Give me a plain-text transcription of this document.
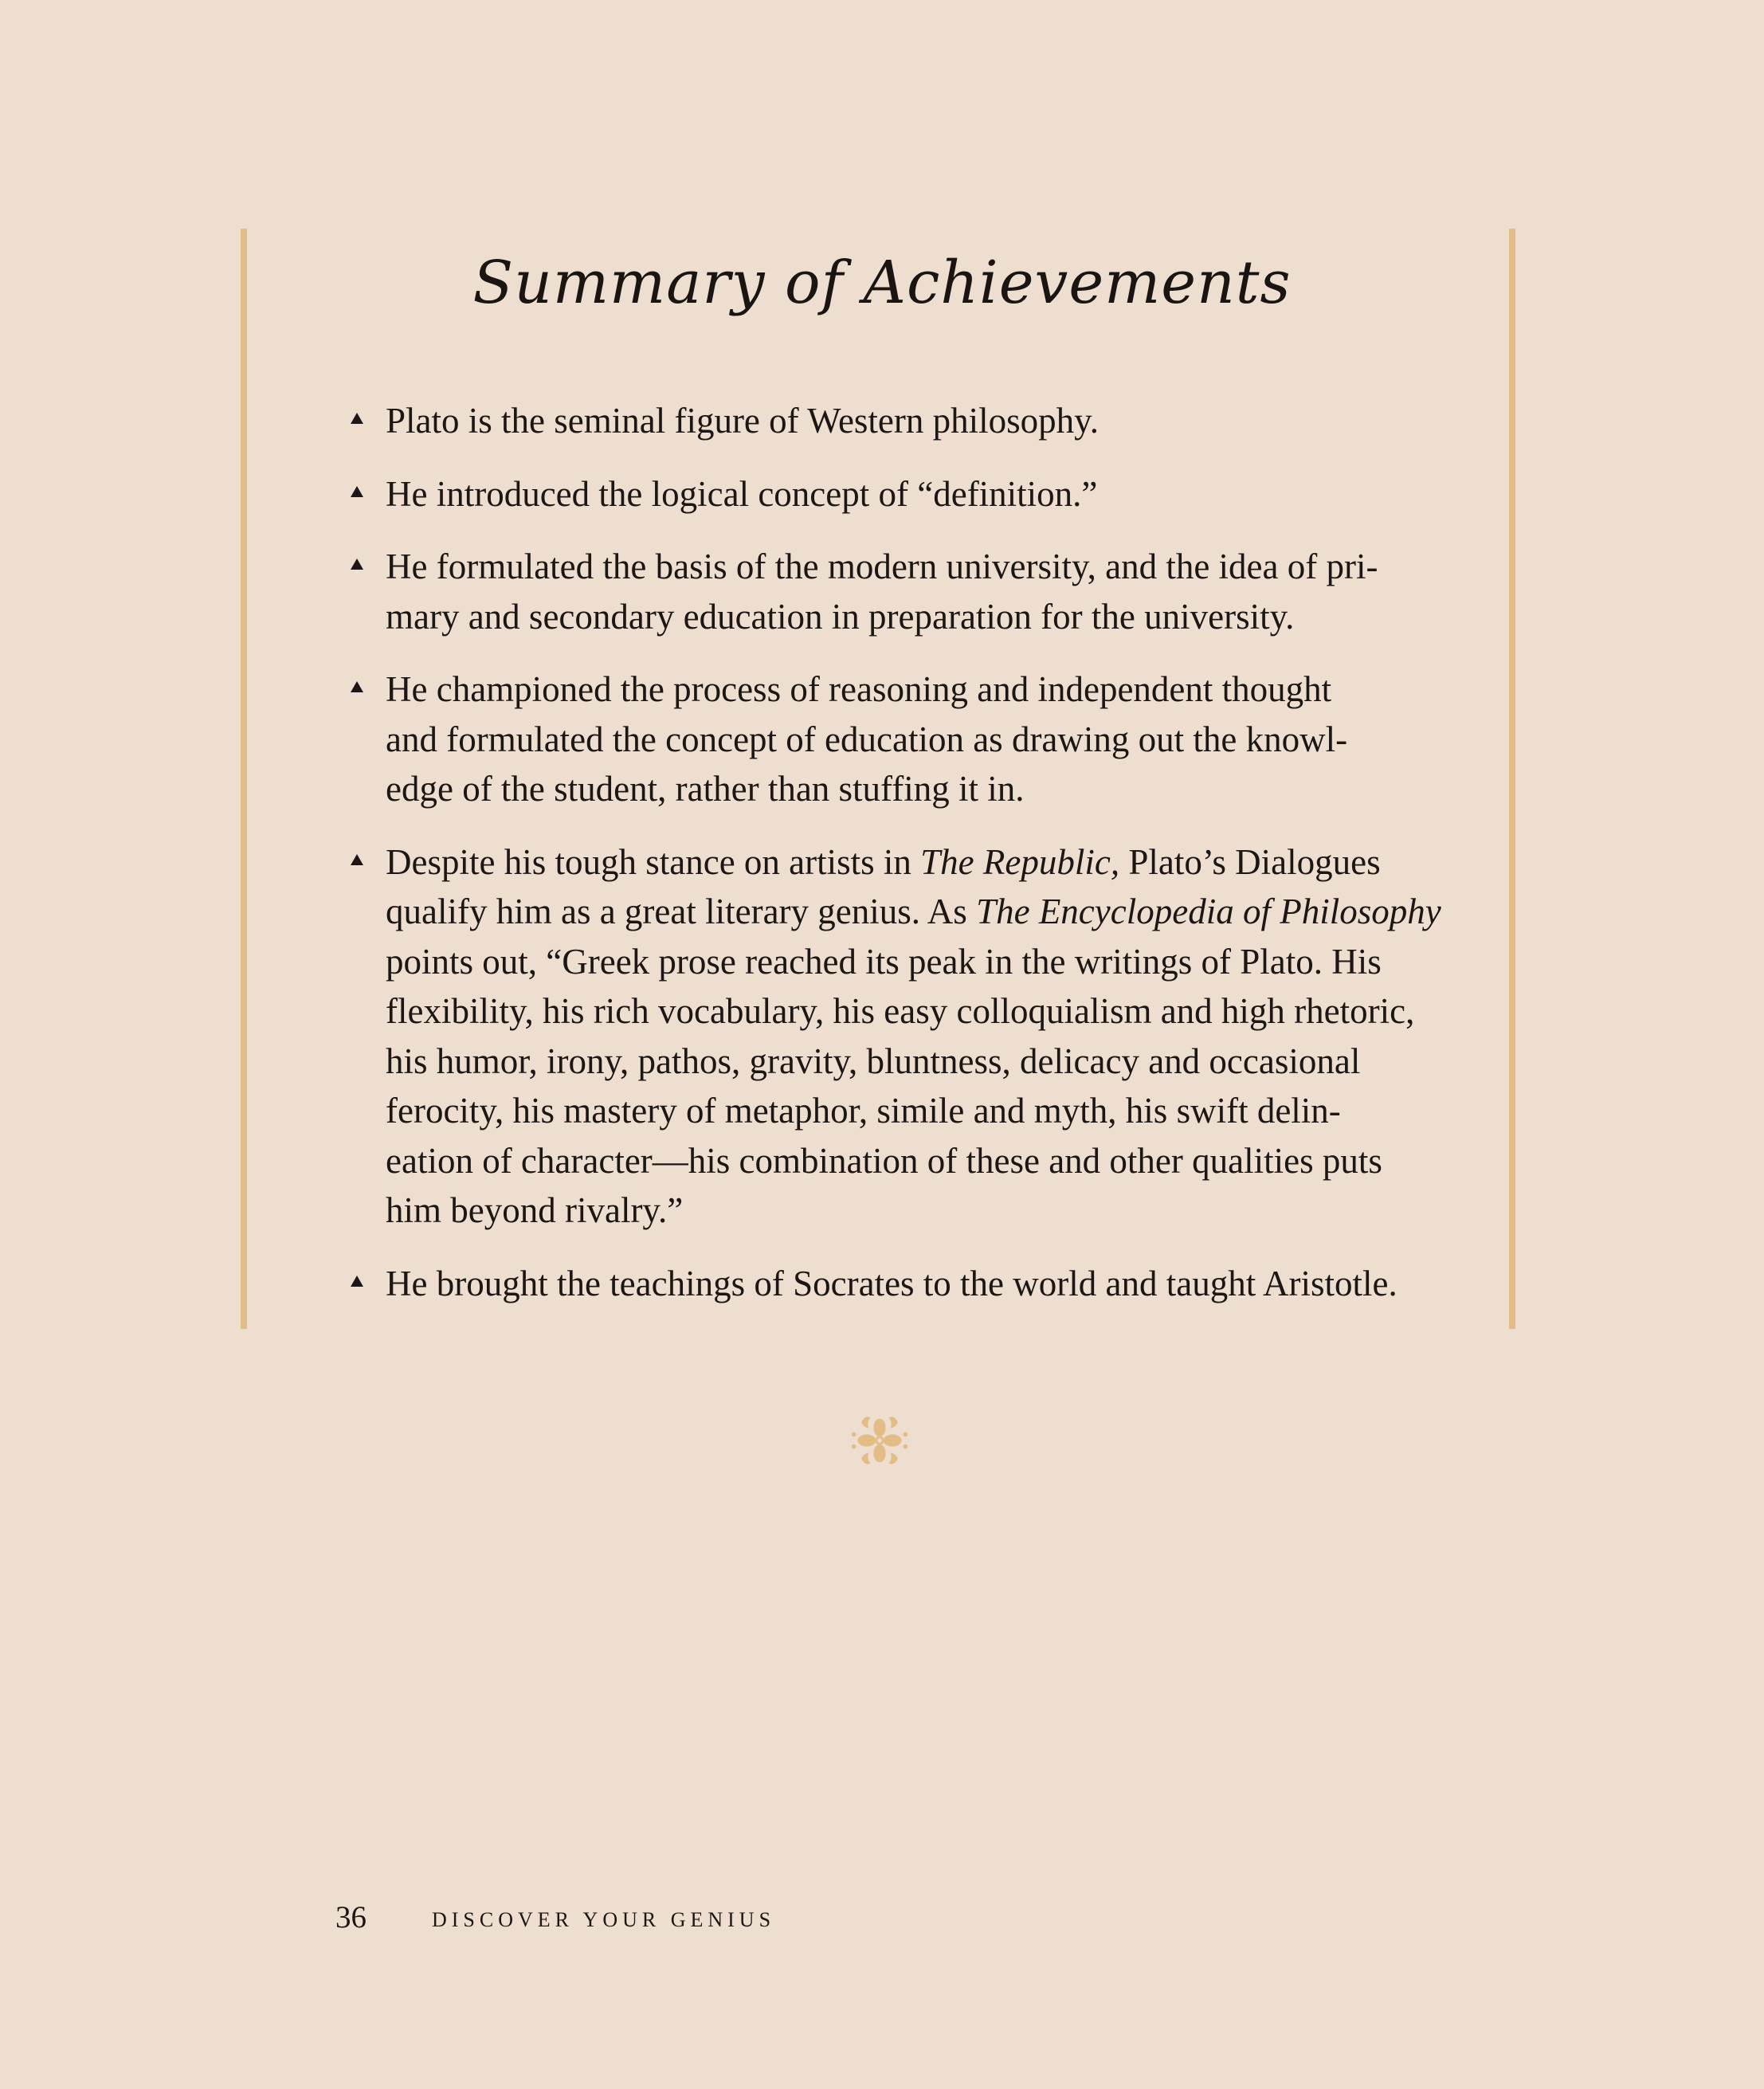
Summary of Achievements
Plato is the seminal figure of Western philosophy.
He introduced the logical concept of “definition.”
He formulated the basis of the modern university, and the idea of pri-
mary and secondary education in preparation for the university.
He championed the process of reasoning and independent thought
and formulated the concept of education as drawing out the knowl-
edge of the student, rather than stuffing it in.
Despite his tough stance on artists in The Republic, Plato’s Dialogues
qualify him as a great literary genius. As The Encyclopedia of Philosophy
points out, “Greek prose reached its peak in the writings of Plato. His
flexibility, his rich vocabulary, his easy colloquialism and high rhetoric,
his humor, irony, pathos, gravity, bluntness, delicacy and occasional
ferocity, his mastery of metaphor, simile and myth, his swift delin-
eation of character—his combination of these and other qualities puts
him beyond rivalry.”
He brought the teachings of Socrates to the world and taught Aristotle.
36	DISCOVER YOUR GENIUS
